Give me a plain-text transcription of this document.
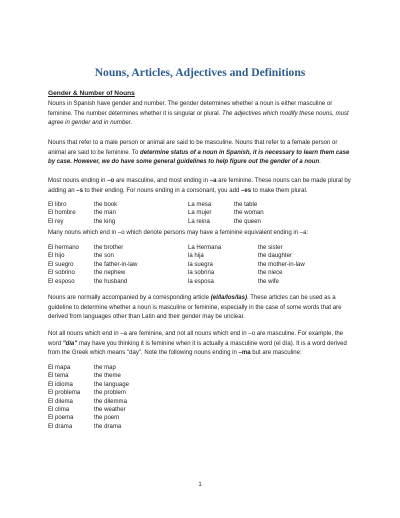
Nouns, Articles, Adjectives and Definitions
Gender & Number of Nouns
Nouns in Spanish have gender and number. The gender determines whether a noun is either masculine or feminine. The number determines whether it is singular or plural. The adjectives which modify these nouns, must agree in gender and in number.
Nouns that refer to a male person or animal are said to be masculine. Nouns that refer to a female person or animal are said to be feminine. To determine status of a noun in Spanish, it is necessary to learn them case by case. However, we do have some general guidelines to help figure out the gender of a noun.
Most nouns ending in –o are masculine, and most ending in –a are feminine. These nouns can be made plural by adding an –s to their ending. For nouns ending in a consonant, you add –es to make them plural.
El libro	the book	La mesa	the table
El hombre	the man	La mujer	the woman
El rey	the king	La reina	the queen
Many nouns which end in –o which denote persons may have a feminine equivalent ending in –a:
El hermano	the brother	La Hermana	the sister
El hijo	the son	la hija	the daughter
El suegro	the father-in-law	la suegra	the mother-in-law
El sobrino	the nephew	la sobrina	the niece
El esposo	the husband	la esposa	the wife
Nouns are normally accompanied by a corresponding article (el/la/los/las). These articles can be used as a guideline to determine whether a noun is masculine or feminine, especially in the case of some words that are derived from languages other than Latin and their gender may be unclear.
Not all nouns which end in –a are feminine, and not all nouns which end in –o are masculine. For example, the word "día" may have you thinking it is feminine when it is actually a masculine word (el día). It is a word derived from the Greek which means "day". Note the following nouns ending in –ma but are masculine:
El mapa	the map
El tema	the theme
El idioma	the language
El problema	the problem
El dilema	the dilemma
El clima	the weather
El poema	the poem
El drama	the drama
1
